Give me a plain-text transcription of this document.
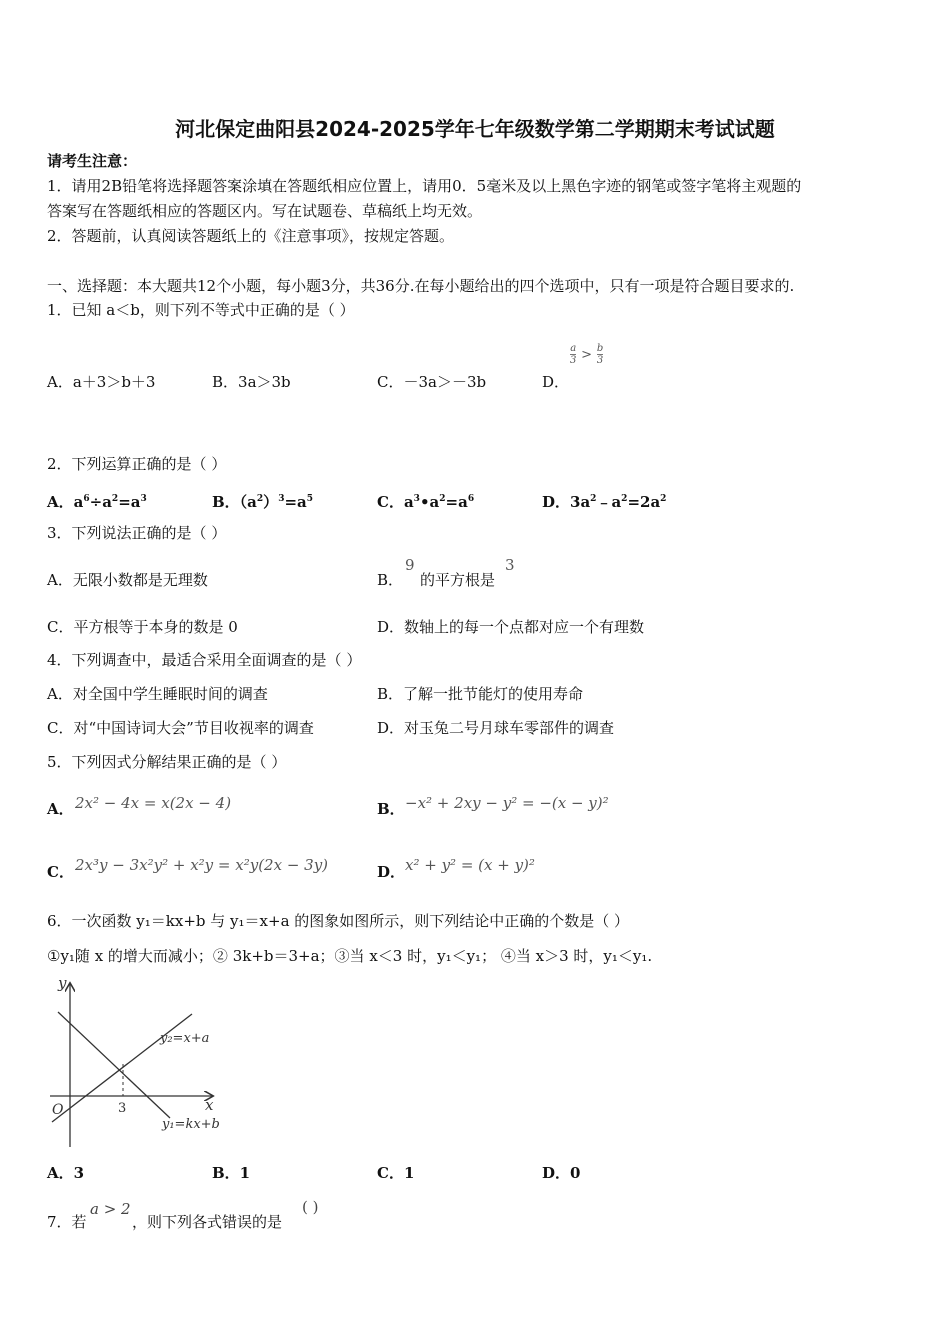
河北保定曲阳县2024-2025学年七年级数学第二学期期末考试试题
请考生注意：
1．请用2B铅笔将选择题答案涂填在答题纸相应位置上，请用0．5毫米及以上黑色字迹的钢笔或签字笔将主观题的
答案写在答题纸相应的答题区内。写在试题卷、草稿纸上均无效。
2．答题前，认真阅读答题纸上的《注意事项》，按规定答题。
一、选择题：本大题共12个小题，每小题3分，共36分.在每小题给出的四个选项中，只有一项是符合题目要求的.
1．已知 a＜b，则下列不等式中正确的是（ ）
A．a＋3＞b＋3	B．3a＞3b	C．－3a＞－3b	D．
$\frac{a}{3} > \frac{b}{3}$
2．下列运算正确的是（ ）
A．$a^6\div a^2=a^3$	B．$(a^2)^3=a^5$	C．$a^3•a^2=a^6$	D．$3a^2﹣a^2=2a^2$
3．下列说法正确的是（ ）
A．无限小数都是无理数	B．
9
的平方根是
3
C．平方根等于本身的数是 0	D．数轴上的每一个点都对应一个有理数
4．下列调查中，最适合采用全面调查的是（ ）
A．对全国中学生睡眠时间的调查	B．了解一批节能灯的使用寿命
C．对“中国诗词大会”节目收视率的调查	D．对玉兔二号月球车零部件的调查
5．下列因式分解结果正确的是（ ）
A． 2x² − 4x = x(2x − 4)	B． −x² + 2xy − y² = −(x − y)²
C． 2x³y − 3x²y² + x²y = x²y(2x − 3y)	D． x² + y² = (x + y)²
6．一次函数 y₁＝kx+b 与 y₁＝x+a 的图象如图所示，则下列结论中正确的个数是（ ）
①y₁随 x 的增大而减小；② 3k+b＝3+a；③当 x＜3 时，y₁＜y₁； ④当 x＞3 时，y₁＜y₁.
y
x
O	3
y₂=x+a
y₁=kx+b
A．3	B．1	C．1	D．0
7．若
a > 2
，则下列各式错误的是
( )
